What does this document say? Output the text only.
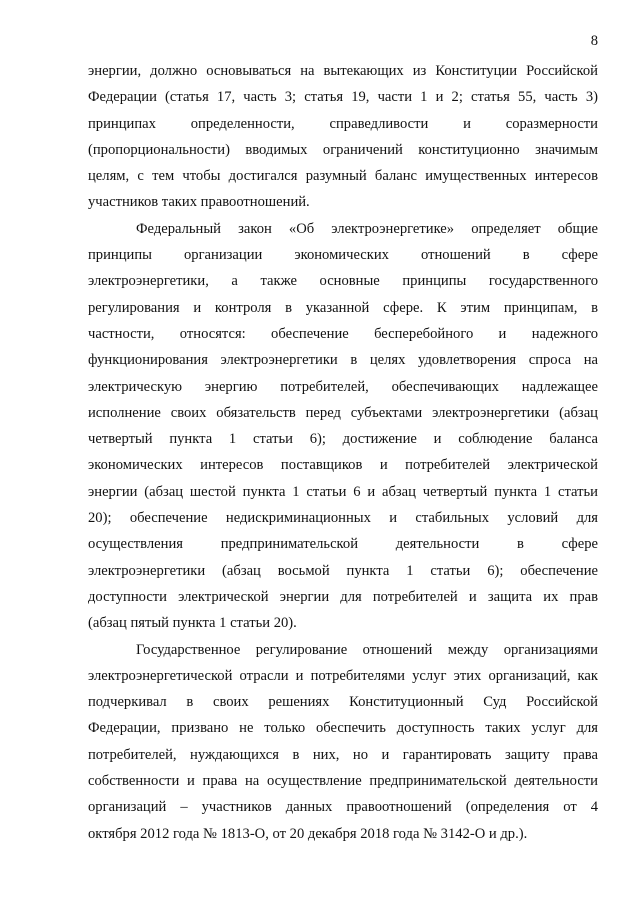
8
энергии, должно основываться на вытекающих из Конституции Российской
Федерации (статья 17, часть 3; статья 19, части 1 и 2; статья 55, часть 3)
принципах определенности, справедливости и соразмерности
(пропорциональности) вводимых ограничений конституционно значимым
целям, с тем чтобы достигался разумный баланс имущественных интересов
участников таких правоотношений.
Федеральный закон «Об электроэнергетике» определяет общие
принципы организации экономических отношений в сфере
электроэнергетики, а также основные принципы государственного
регулирования и контроля в указанной сфере. К этим принципам, в
частности, относятся: обеспечение бесперебойного и надежного
функционирования электроэнергетики в целях удовлетворения спроса на
электрическую энергию потребителей, обеспечивающих надлежащее
исполнение своих обязательств перед субъектами электроэнергетики (абзац
четвертый пункта 1 статьи 6); достижение и соблюдение баланса
экономических интересов поставщиков и потребителей электрической
энергии (абзац шестой пункта 1 статьи 6 и абзац четвертый пункта 1 статьи
20); обеспечение недискриминационных и стабильных условий для
осуществления предпринимательской деятельности в сфере
электроэнергетики (абзац восьмой пункта 1 статьи 6); обеспечение
доступности электрической энергии для потребителей и защита их прав
(абзац пятый пункта 1 статьи 20).
Государственное регулирование отношений между организациями
электроэнергетической отрасли и потребителями услуг этих организаций, как
подчеркивал в своих решениях Конституционный Суд Российской
Федерации, призвано не только обеспечить доступность таких услуг для
потребителей, нуждающихся в них, но и гарантировать защиту права
собственности и права на осуществление предпринимательской деятельности
организаций – участников данных правоотношений (определения от 4
октября 2012 года № 1813-О, от 20 декабря 2018 года № 3142-О и др.).
